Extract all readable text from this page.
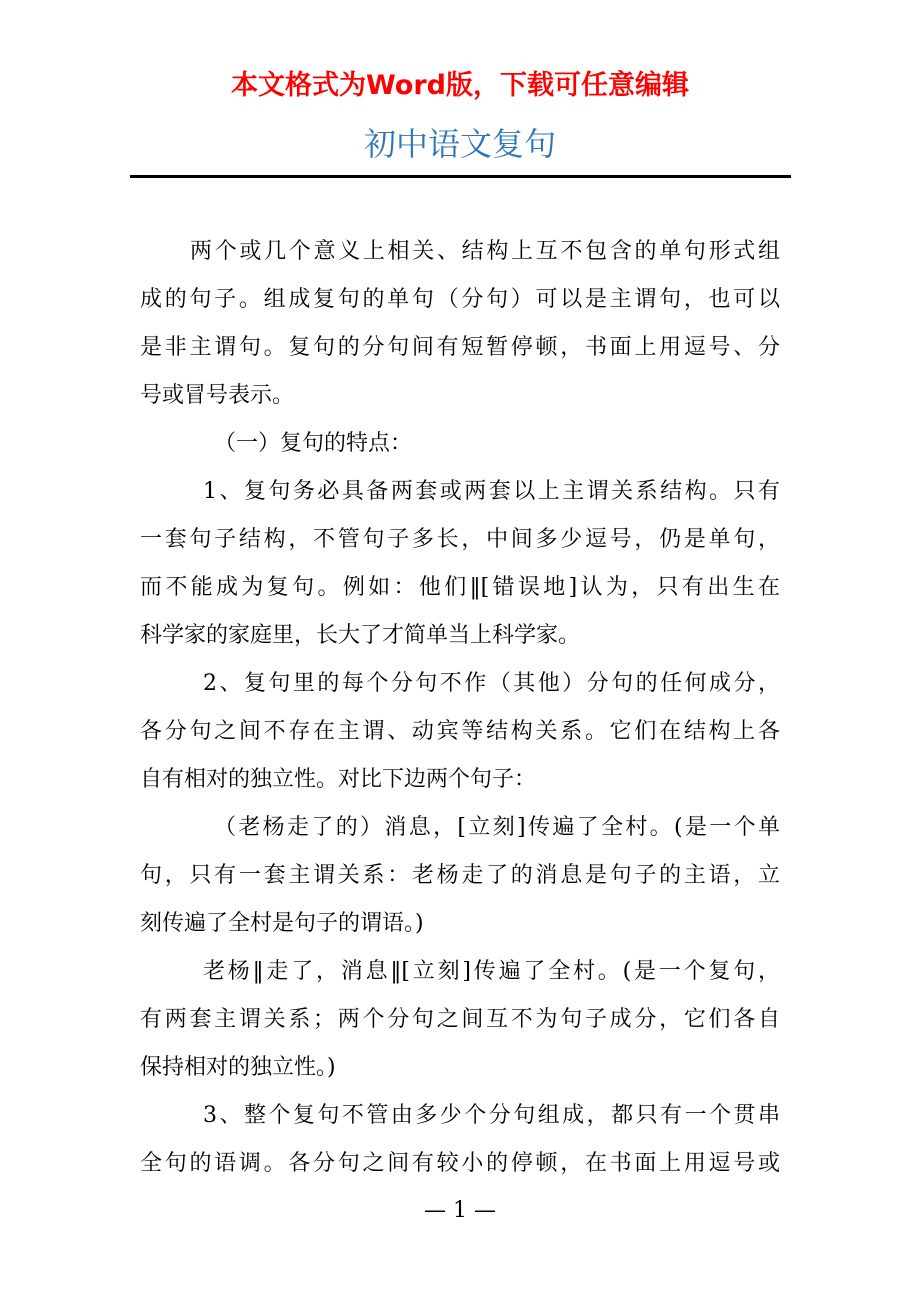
本文格式为Word版，下载可任意编辑
初中语文复句
两个或几个意义上相关、结构上互不包含的单句形式组
成的句子。组成复句的单句（分句）可以是主谓句，也可以
是非主谓句。复句的分句间有短暂停顿，书面上用逗号、分
号或冒号表示。
（一）复句的特点：
1、复句务必具备两套或两套以上主谓关系结构。只有
一套句子结构，不管句子多长，中间多少逗号，仍是单句，
而不能成为复句。例如：他们‖[错误地]认为，只有出生在
科学家的家庭里，长大了才简单当上科学家。
2、复句里的每个分句不作（其他）分句的任何成分，
各分句之间不存在主谓、动宾等结构关系。它们在结构上各
自有相对的独立性。对比下边两个句子：
（老杨走了的）消息，[立刻]传遍了全村。(是一个单
句，只有一套主谓关系：老杨走了的消息是句子的主语，立
刻传遍了全村是句子的谓语。)
老杨‖走了，消息‖[立刻]传遍了全村。(是一个复句，
有两套主谓关系；两个分句之间互不为句子成分，它们各自
保持相对的独立性。)
3、整个复句不管由多少个分句组成，都只有一个贯串
全句的语调。各分句之间有较小的停顿，在书面上用逗号或
— 1 —
